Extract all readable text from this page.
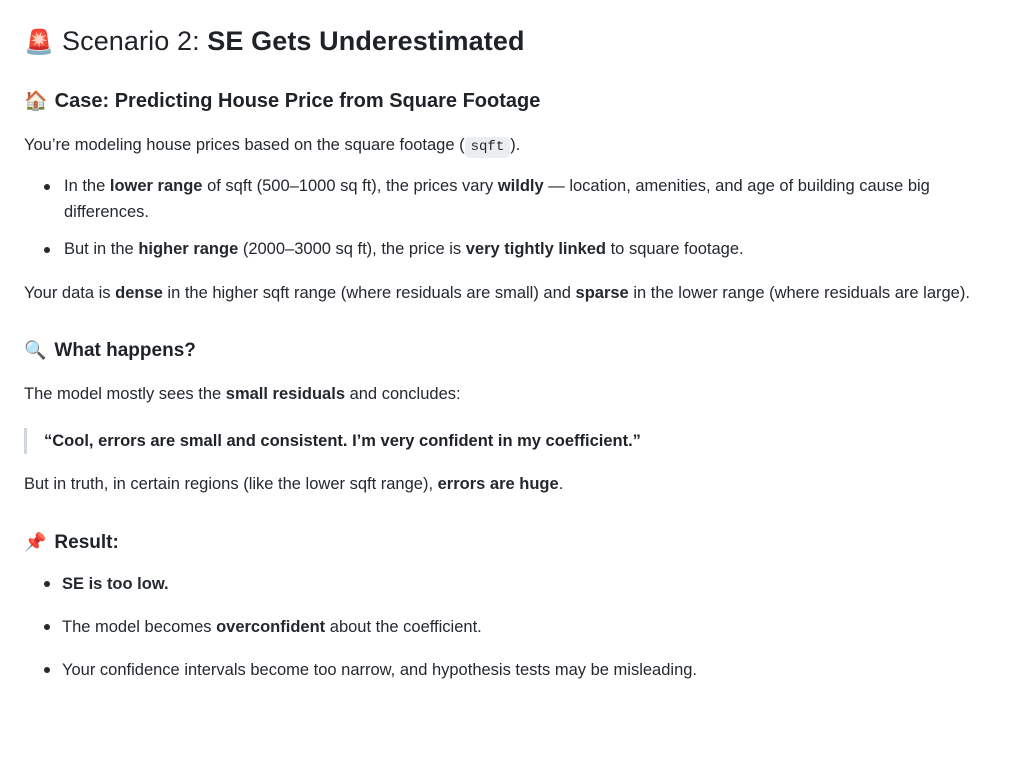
🚨 Scenario 2: SE Gets Underestimated
🏠 Case: Predicting House Price from Square Footage

You’re modeling house prices based on the square footage ( sqft ).

In the lower range of sqft (500–1000 sq ft), the prices vary wildly — location, amenities, and age of building cause big differences.
But in the higher range (2000–3000 sq ft), the price is very tightly linked to square footage.

Your data is dense in the higher sqft range (where residuals are small) and sparse in the lower range (where residuals are large).

🔍 What happens?

The model mostly sees the small residuals and concludes:

“Cool, errors are small and consistent. I’m very confident in my coefficient.”

But in truth, in certain regions (like the lower sqft range), errors are huge.

📌 Result:
SE is too low.
The model becomes overconfident about the coefficient.
Your confidence intervals become too narrow, and hypothesis tests may be misleading.
